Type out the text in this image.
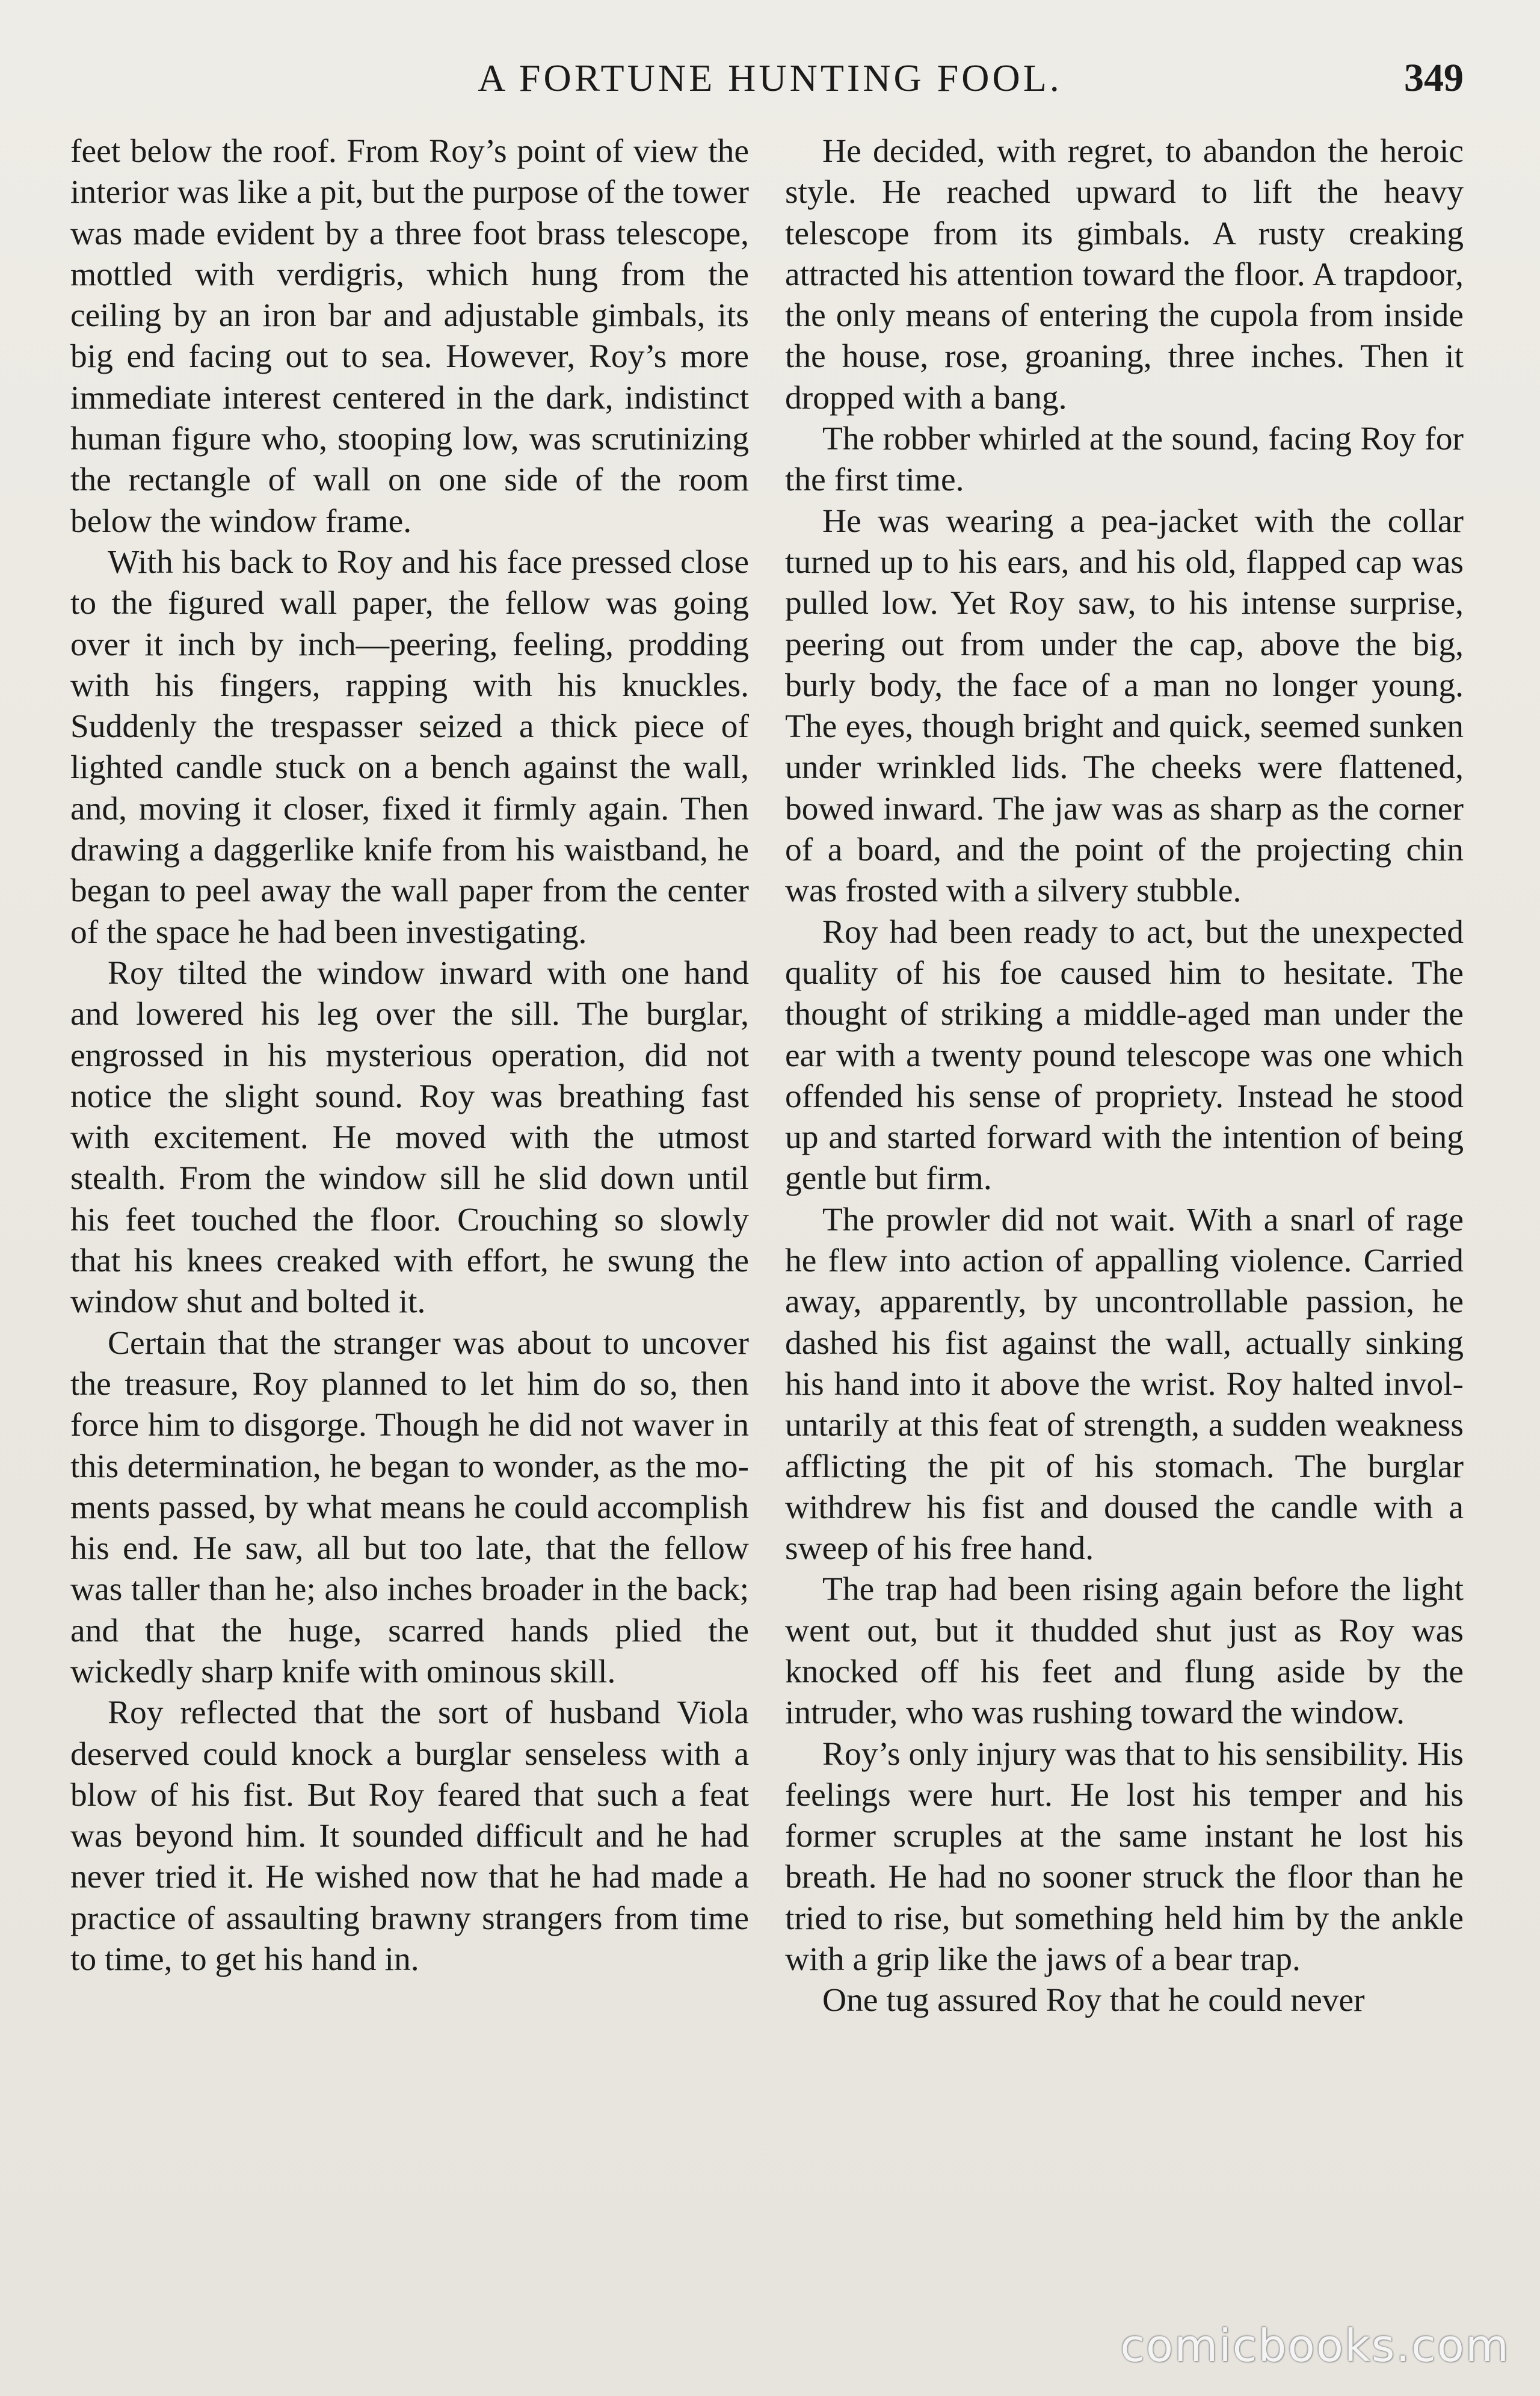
A FORTUNE HUNTING FOOL.	349

feet below the roof. From Roy’s point of view the interior was like a pit, but the purpose of the tower was made evident by a three foot brass telescope, mottled with verdigris, which hung from the ceiling by an iron bar and adjustable gimbals, its big end facing out to sea. However, Roy’s more immediate interest centered in the dark, indistinct human figure who, stooping low, was scrutinizing the rectangle of wall on one side of the room below the window frame.

With his back to Roy and his face pressed close to the figured wall paper, the fellow was going over it inch by inch—peering, feeling, prodding with his fingers, rapping with his knuckles. Suddenly the trespasser seized a thick piece of lighted candle stuck on a bench against the wall, and, moving it closer, fixed it firmly again. Then drawing a daggerlike knife from his waistband, he began to peel away the wall paper from the center of the space he had been investigating.

Roy tilted the window inward with one hand and lowered his leg over the sill. The burglar, engrossed in his mysterious operation, did not notice the slight sound. Roy was breathing fast with excitement. He moved with the utmost stealth. From the window sill he slid down until his feet touched the floor. Crouching so slowly that his knees creaked with effort, he swung the window shut and bolted it.

Certain that the stranger was about to uncover the treasure, Roy planned to let him do so, then force him to disgorge. Though he did not waver in this determination, he began to wonder, as the moments passed, by what means he could accomplish his end. He saw, all but too late, that the fellow was taller than he; also inches broader in the back; and that the huge, scarred hands plied the wickedly sharp knife with ominous skill.

Roy reflected that the sort of husband Viola deserved could knock a burglar senseless with a blow of his fist. But Roy feared that such a feat was beyond him. It sounded difficult and he had never tried it. He wished now that he had made a practice of assaulting brawny strangers from time to time, to get his hand in.

He decided, with regret, to abandon the heroic style. He reached upward to lift the heavy telescope from its gimbals. A rusty creaking attracted his attention toward the floor. A trapdoor, the only means of entering the cupola from inside the house, rose, groaning, three inches. Then it dropped with a bang.

The robber whirled at the sound, facing Roy for the first time.

He was wearing a pea-jacket with the collar turned up to his ears, and his old, flapped cap was pulled low. Yet Roy saw, to his intense surprise, peering out from under the cap, above the big, burly body, the face of a man no longer young. The eyes, though bright and quick, seemed sunken under wrinkled lids. The cheeks were flattened, bowed inward. The jaw was as sharp as the corner of a board, and the point of the projecting chin was frosted with a silvery stubble.

Roy had been ready to act, but the unexpected quality of his foe caused him to hesitate. The thought of striking a middle-aged man under the ear with a twenty pound telescope was one which offended his sense of propriety. Instead he stood up and started forward with the intention of being gentle but firm.

The prowler did not wait. With a snarl of rage he flew into action of appalling violence. Carried away, apparently, by uncontrollable passion, he dashed his fist against the wall, actually sinking his hand into it above the wrist. Roy halted involuntarily at this feat of strength, a sudden weakness afflicting the pit of his stomach. The burglar withdrew his fist and doused the candle with a sweep of his free hand.

The trap had been rising again before the light went out, but it thudded shut just as Roy was knocked off his feet and flung aside by the intruder, who was rushing toward the window.

Roy’s only injury was that to his sensibility. His feelings were hurt. He lost his temper and his former scruples at the same instant he lost his breath. He had no sooner struck the floor than he tried to rise, but something held him by the ankle with a grip like the jaws of a bear trap.

One tug assured Roy that he could never

comicbooks.com
